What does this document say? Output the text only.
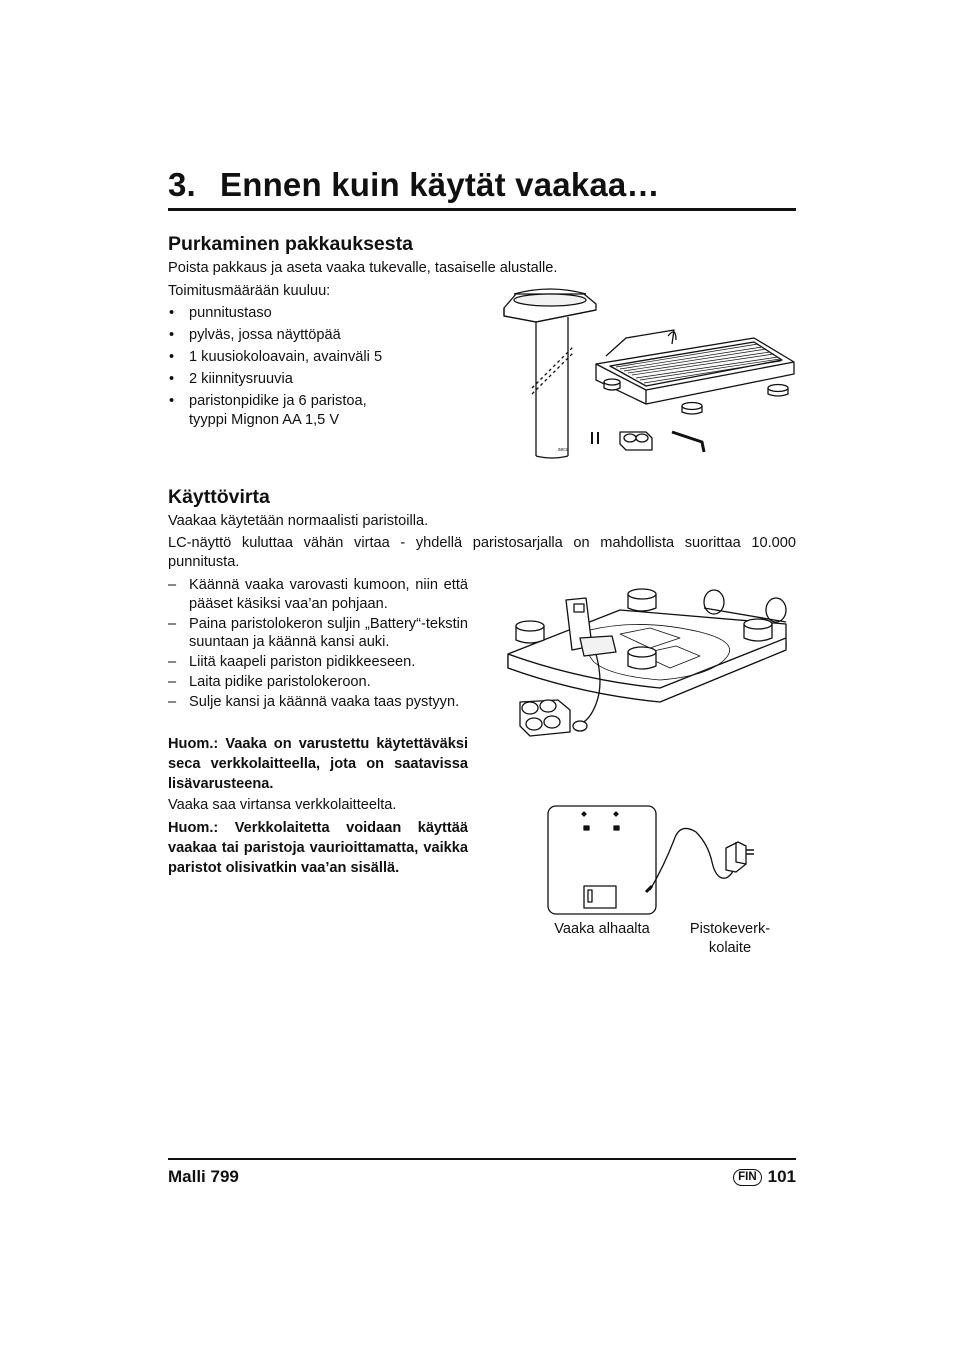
3. Ennen kuin käytät vaakaa…
Purkaminen pakkauksesta
Poista pakkaus ja aseta vaaka tukevalle, tasaiselle alustalle.
Toimitusmäärään kuuluu:
• punnitustaso
• pylväs, jossa näyttöpää
• 1 kuusiokoloavain, avainväli 5
• 2 kiinnitysruuvia
• paristonpidike ja 6 paristoa, tyyppi Mignon AA 1,5 V
seca
Käyttövirta
Vaakaa käytetään normaalisti paristoilla.
LC-näyttö kuluttaa vähän virtaa - yhdellä paristosarjalla on mahdollista suorittaa 10.000 punnitusta.
– Käännä vaaka varovasti kumoon, niin että pääset käsiksi vaa’an pohjaan.
– Paina paristolokeron suljin „Battery“-tekstin suuntaan ja käännä kansi auki.
– Liitä kaapeli pariston pidikkeeseen.
– Laita pidike paristolokeroon.
– Sulje kansi ja käännä vaaka taas pystyyn.
Huom.: Vaaka on varustettu käytettäväksi seca verkkolaitteella, jota on saatavissa lisävarusteena.
Vaaka saa virtansa verkkolaitteelta.
Huom.: Verkkolaitetta voidaan käyttää vaakaa tai paristoja vaurioittamatta, vaikka paristot olisivatkin vaa’an sisällä.
Vaaka alhaalta	Pistokeverk-
kolaite
Malli 799	FIN 101
